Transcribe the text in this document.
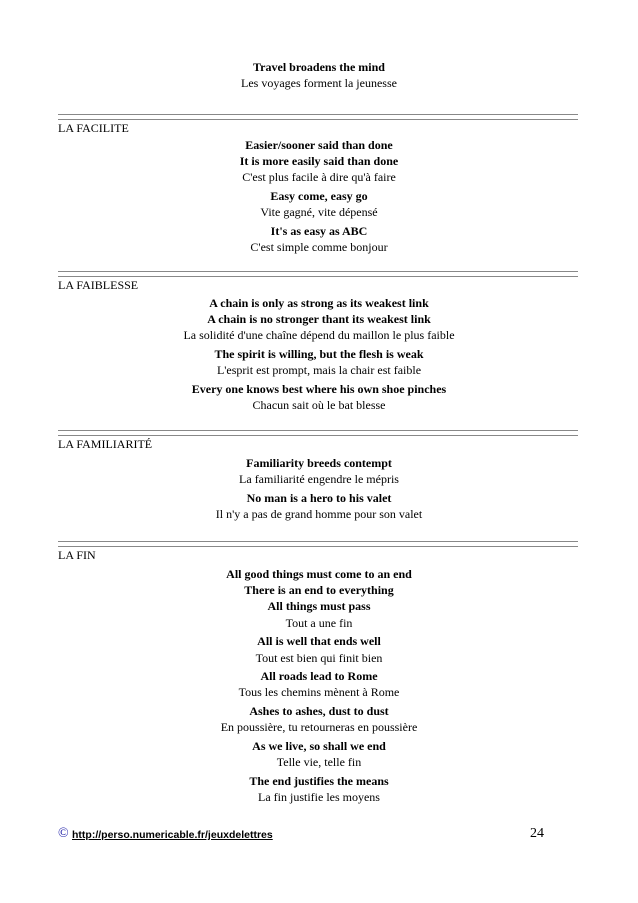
Travel broadens the mind
Les voyages forment la jeunesse
LA FACILITE
Easier/sooner said than done
It is more easily said than done
C'est plus facile à dire qu'à faire
Easy come, easy go
Vite gagné, vite dépensé
It's as easy as ABC
C'est simple comme bonjour
LA FAIBLESSE
A chain is only as strong as its weakest link
A chain is no stronger thant its weakest link
La solidité d'une chaîne dépend du maillon le plus faible
The spirit is willing, but the flesh is weak
L'esprit est prompt, mais la chair est faible
Every one knows best where his own shoe pinches
Chacun sait où le bat blesse
LA FAMILIARITÉ
Familiarity breeds contempt
La familiarité engendre le mépris
No man is a hero to his valet
Il n'y a pas de grand homme pour son valet
LA FIN
All good things must come to an end
There is an end to everything
All things must pass
Tout a une fin
All is well that ends well
Tout est bien qui finit bien
All roads lead to Rome
Tous les chemins mènent à Rome
Ashes to ashes, dust to dust
En poussière, tu retourneras en poussière
As we live, so shall we end
Telle vie, telle fin
The end justifies the means
La fin justifie les moyens
© http://perso.numericable.fr/jeuxdelettres	24
